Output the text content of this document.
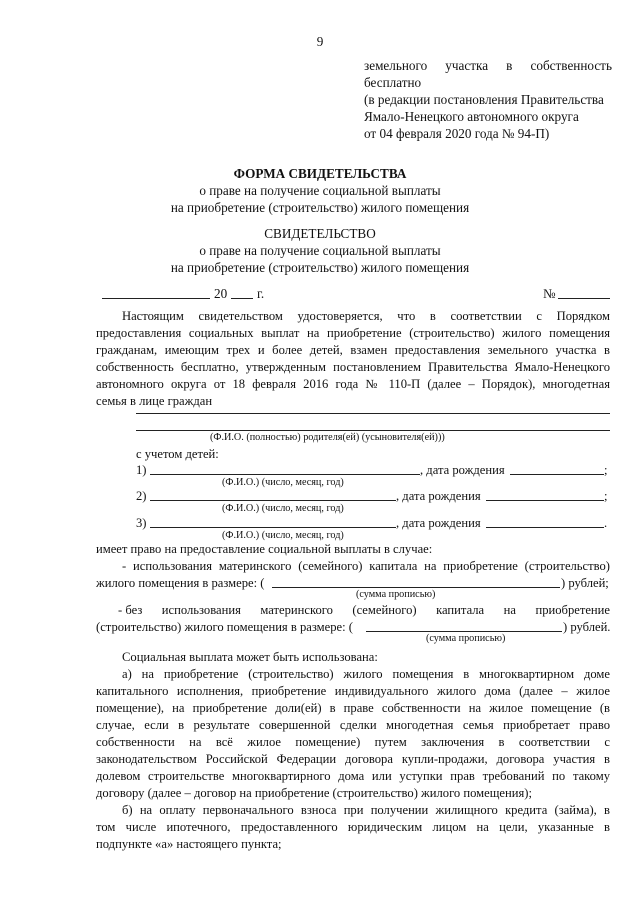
9
земельного участка в собственность
бесплатно
(в редакции постановления Правительства
Ямало-Ненецкого автономного округа
от 04 февраля 2020 года № 94-П)
ФОРМА СВИДЕТЕЛЬСТВА
о праве на получение социальной выплаты
на приобретение (строительство) жилого помещения
СВИДЕТЕЛЬСТВО
о праве на получение социальной выплаты
на приобретение (строительство) жилого помещения
20 г.	№
Настоящим свидетельством удостоверяется, что в соответствии с Порядком
предоставления социальных выплат на приобретение (строительство) жилого помещения
гражданам, имеющим трех и более детей, взамен предоставления земельного участка в
собственность бесплатно, утвержденным постановлением Правительства Ямало-Ненецкого
автономного округа от 18 февраля 2016 года № 110-П (далее – Порядок), многодетная
семья в лице граждан
(Ф.И.О. (полностью) родителя(ей) (усыновителя(ей)))
с учетом детей:
1)	, дата рождения	;
(Ф.И.О.) (число, месяц, год)
2)	, дата рождения	;
(Ф.И.О.) (число, месяц, год)
3)	, дата рождения	.
(Ф.И.О.) (число, месяц, год)
имеет право на предоставление социальной выплаты в случае:
- использования материнского (семейного) капитала на приобретение (строительство)
жилого помещения в размере: (	) рублей;
(сумма прописью)
- без использования материнского (семейного) капитала на приобретение
(строительство) жилого помещения в размере: (	) рублей.
(сумма прописью)
Социальная выплата может быть использована:
а) на приобретение (строительство) жилого помещения в многоквартирном доме
капитального исполнения, приобретение индивидуального жилого дома (далее – жилое
помещение), на приобретение доли(ей) в праве собственности на жилое помещение (в
случае, если в результате совершенной сделки многодетная семья приобретает право
собственности на всё жилое помещение) путем заключения в соответствии с
законодательством Российской Федерации договора купли-продажи, договора участия в
долевом строительстве многоквартирного дома или уступки прав требований по такому
договору (далее – договор на приобретение (строительство) жилого помещения);
б) на оплату первоначального взноса при получении жилищного кредита (займа), в
том числе ипотечного, предоставленного юридическим лицом на цели, указанные в
подпункте «а» настоящего пункта;
